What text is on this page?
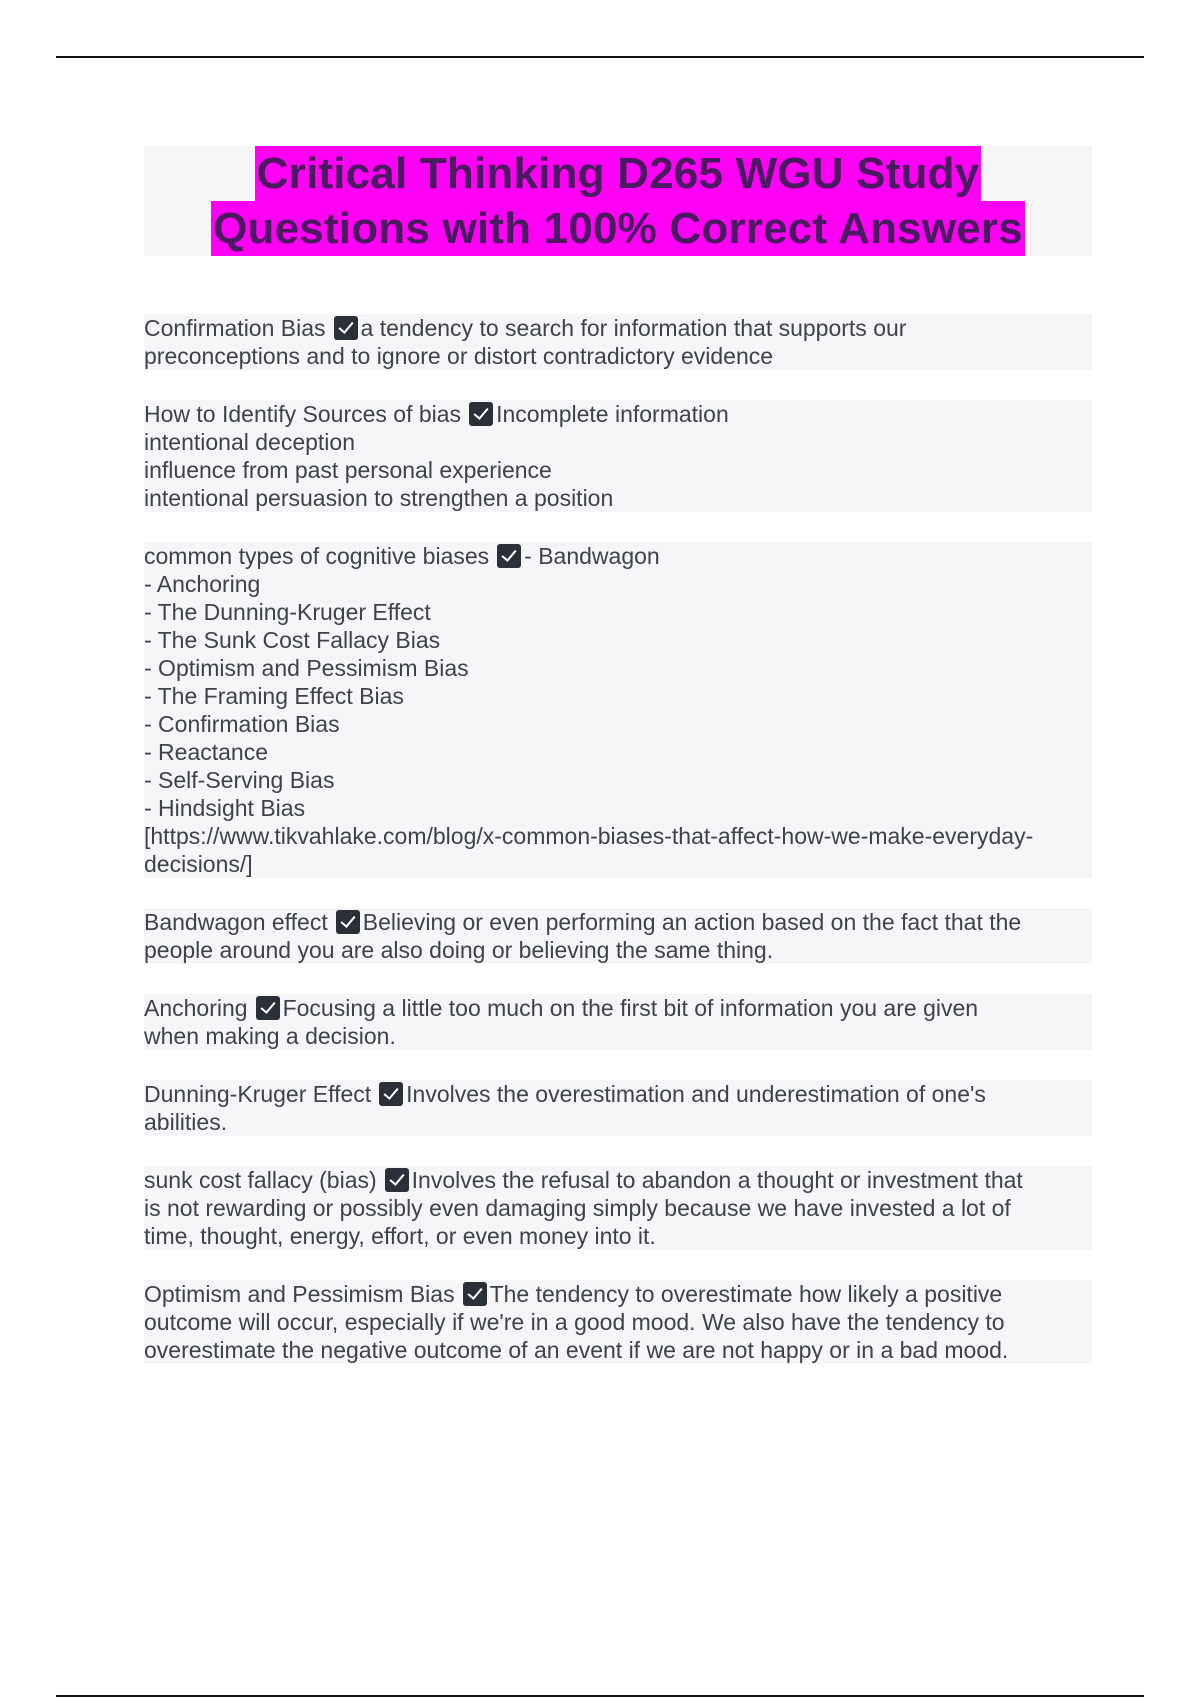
Critical Thinking D265 WGU Study
Questions with 100% Correct Answers
Confirmation Bias a tendency to search for information that supports our
preconceptions and to ignore or distort contradictory evidence
How to Identify Sources of bias Incomplete information
intentional deception
influence from past personal experience
intentional persuasion to strengthen a position
common types of cognitive biases - Bandwagon
- Anchoring
- The Dunning-Kruger Effect
- The Sunk Cost Fallacy Bias
- Optimism and Pessimism Bias
- The Framing Effect Bias
- Confirmation Bias
- Reactance
- Self-Serving Bias
- Hindsight Bias
[https://www.tikvahlake.com/blog/x-common-biases-that-affect-how-we-make-everyday-
decisions/]
Bandwagon effect Believing or even performing an action based on the fact that the
people around you are also doing or believing the same thing.
Anchoring Focusing a little too much on the first bit of information you are given
when making a decision.
Dunning-Kruger Effect Involves the overestimation and underestimation of one's
abilities.
sunk cost fallacy (bias) Involves the refusal to abandon a thought or investment that
is not rewarding or possibly even damaging simply because we have invested a lot of
time, thought, energy, effort, or even money into it.
Optimism and Pessimism Bias The tendency to overestimate how likely a positive
outcome will occur, especially if we're in a good mood. We also have the tendency to
overestimate the negative outcome of an event if we are not happy or in a bad mood.
